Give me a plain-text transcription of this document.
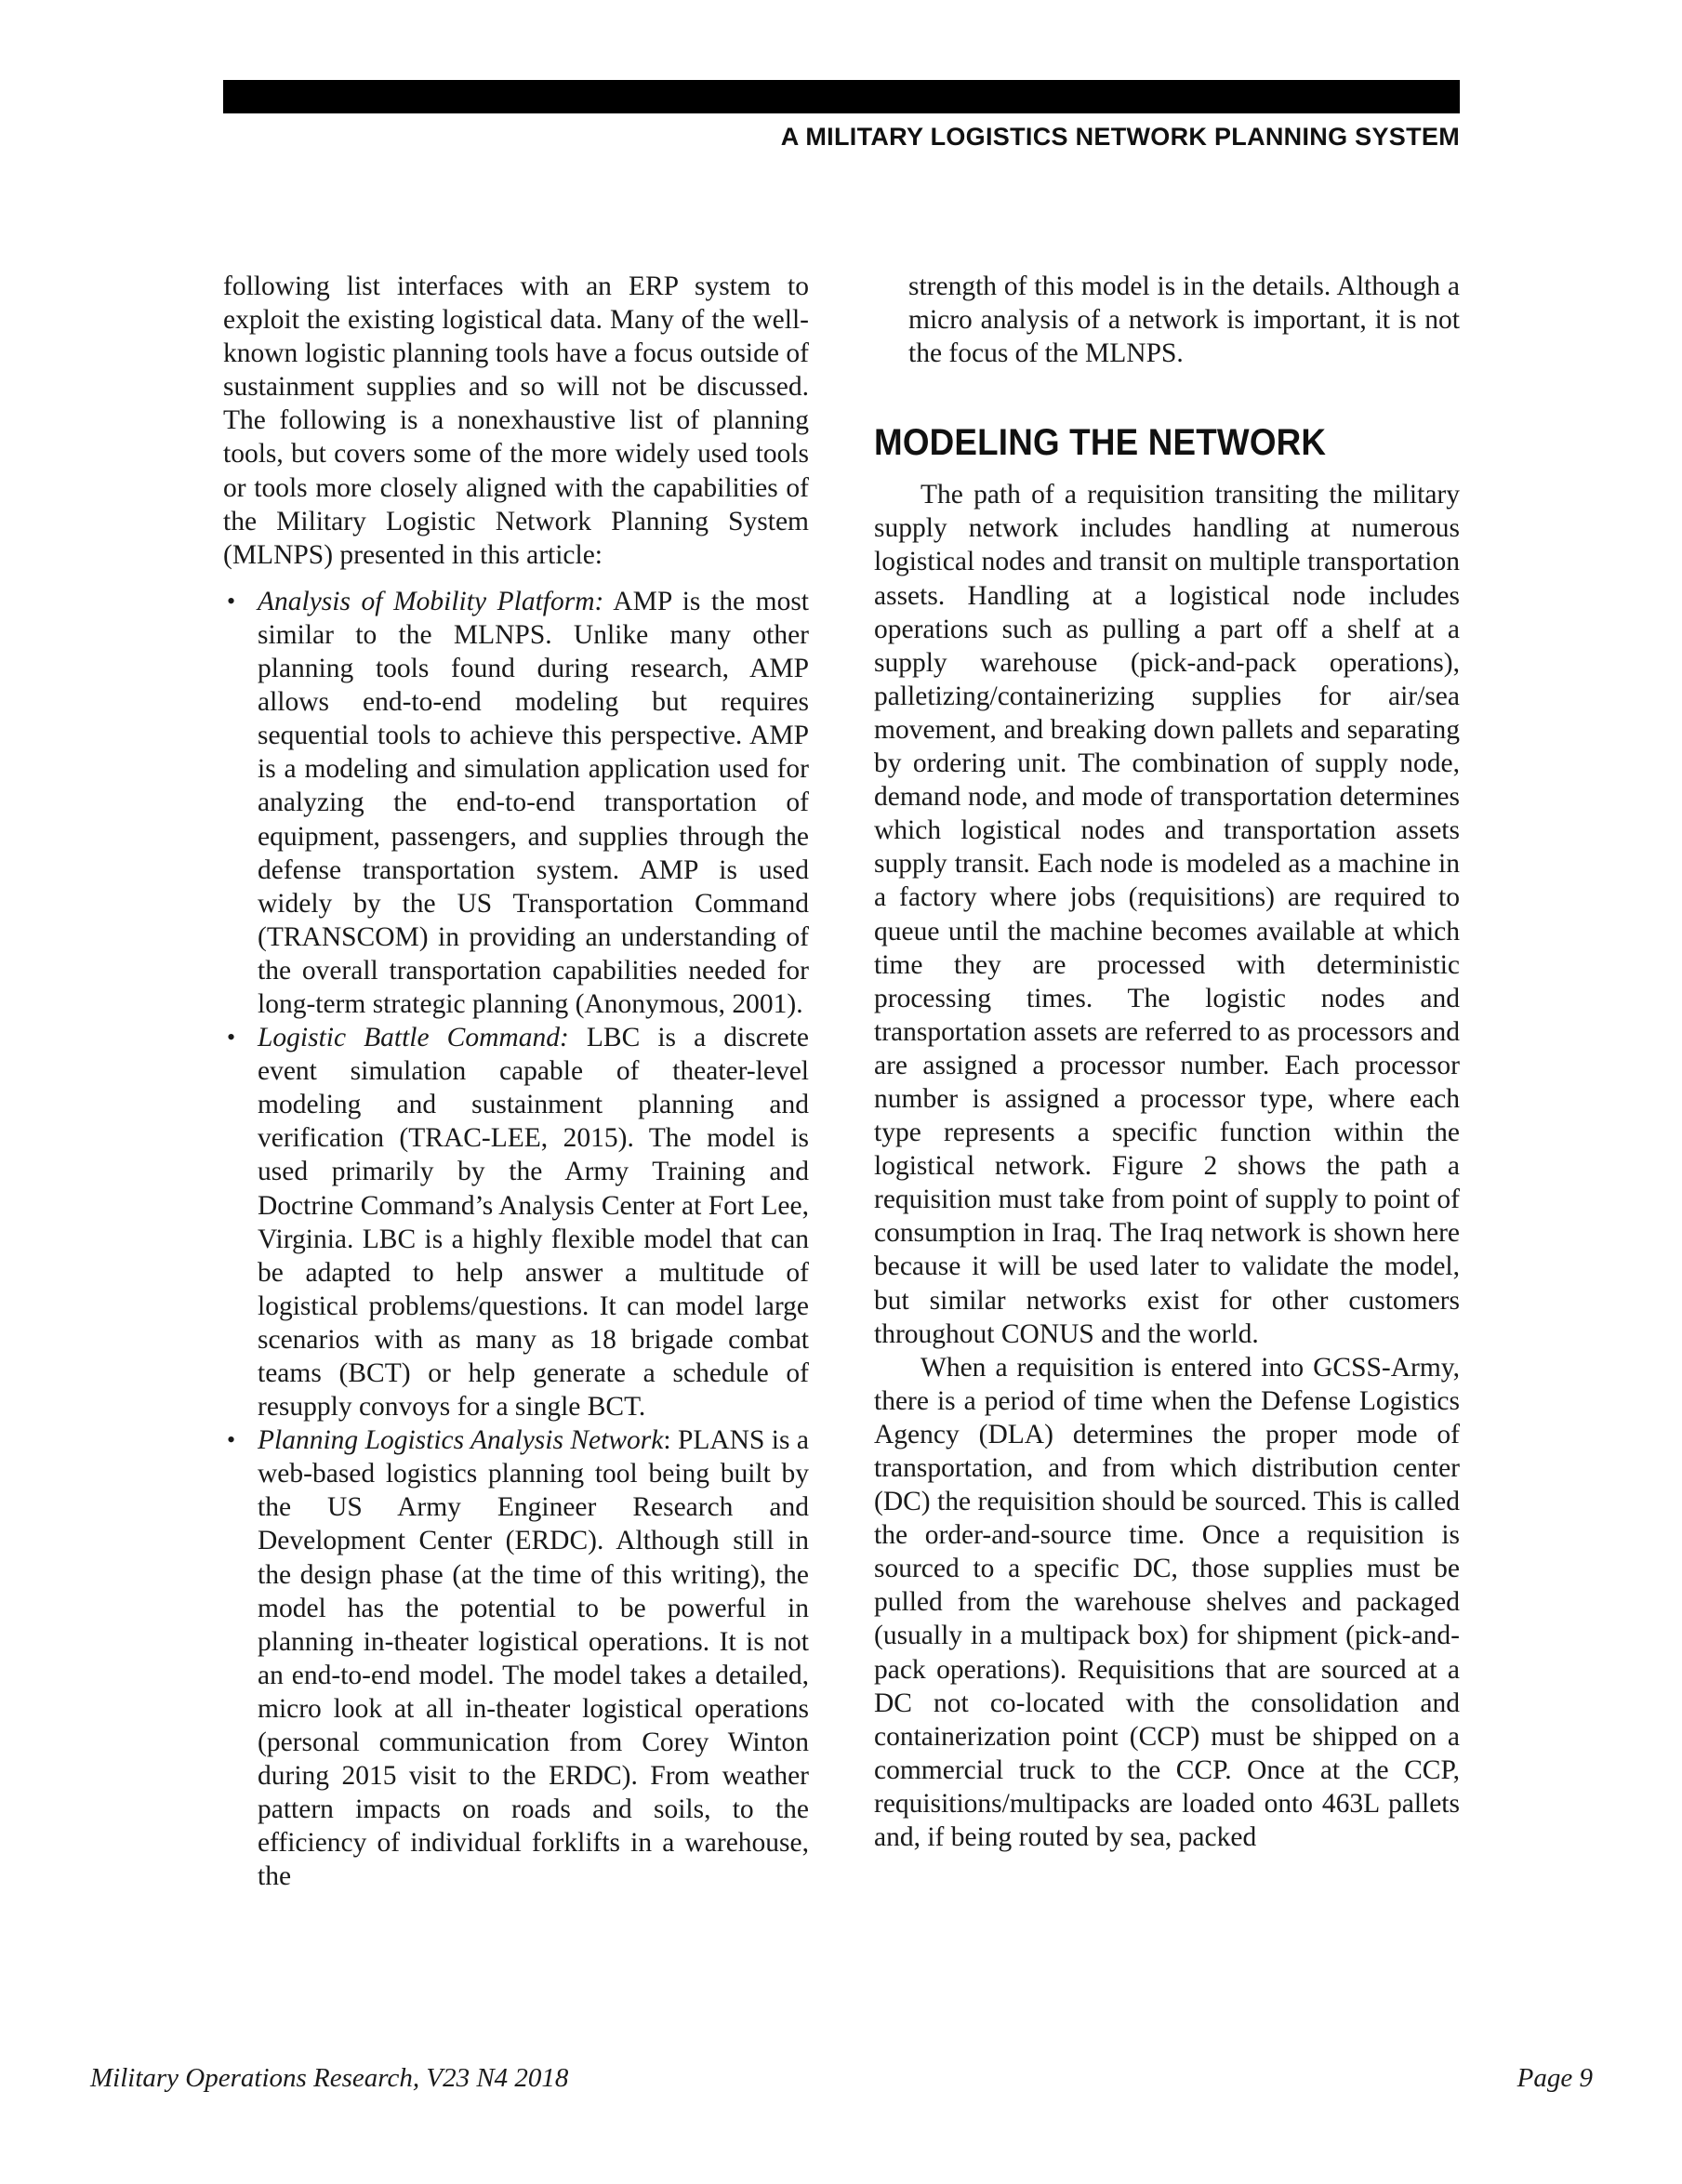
A MILITARY LOGISTICS NETWORK PLANNING SYSTEM

following list interfaces with an ERP system to exploit the existing logistical data. Many of the well-known logistic planning tools have a focus outside of sustainment supplies and so will not be discussed. The following is a nonexhaustive list of planning tools, but covers some of the more widely used tools or tools more closely aligned with the capabilities of the Military Logistic Network Planning System (MLNPS) presented in this article:

• Analysis of Mobility Platform: AMP is the most similar to the MLNPS. Unlike many other planning tools found during research, AMP allows end-to-end modeling but requires sequential tools to achieve this perspective. AMP is a modeling and simulation application used for analyzing the end-to-end transportation of equipment, passengers, and supplies through the defense transportation system. AMP is used widely by the US Transportation Command (TRANSCOM) in providing an understanding of the overall transportation capabilities needed for long-term strategic planning (Anonymous, 2001).
• Logistic Battle Command: LBC is a discrete event simulation capable of theater-level modeling and sustainment planning and verification (TRAC-LEE, 2015). The model is used primarily by the Army Training and Doctrine Command’s Analysis Center at Fort Lee, Virginia. LBC is a highly flexible model that can be adapted to help answer a multitude of logistical problems/questions. It can model large scenarios with as many as 18 brigade combat teams (BCT) or help generate a schedule of resupply convoys for a single BCT.
• Planning Logistics Analysis Network: PLANS is a web-based logistics planning tool being built by the US Army Engineer Research and Development Center (ERDC). Although still in the design phase (at the time of this writing), the model has the potential to be powerful in planning in-theater logistical operations. It is not an end-to-end model. The model takes a detailed, micro look at all in-theater logistical operations (personal communication from Corey Winton during 2015 visit to the ERDC). From weather pattern impacts on roads and soils, to the efficiency of individual forklifts in a warehouse, the

strength of this model is in the details. Although a micro analysis of a network is important, it is not the focus of the MLNPS.

MODELING THE NETWORK

The path of a requisition transiting the military supply network includes handling at numerous logistical nodes and transit on multiple transportation assets. Handling at a logistical node includes operations such as pulling a part off a shelf at a supply warehouse (pick-and-pack operations), palletizing/containerizing supplies for air/sea movement, and breaking down pallets and separating by ordering unit. The combination of supply node, demand node, and mode of transportation determines which logistical nodes and transportation assets supply transit. Each node is modeled as a machine in a factory where jobs (requisitions) are required to queue until the machine becomes available at which time they are processed with deterministic processing times. The logistic nodes and transportation assets are referred to as processors and are assigned a processor number. Each processor number is assigned a processor type, where each type represents a specific function within the logistical network. Figure 2 shows the path a requisition must take from point of supply to point of consumption in Iraq. The Iraq network is shown here because it will be used later to validate the model, but similar networks exist for other customers throughout CONUS and the world.

When a requisition is entered into GCSS-Army, there is a period of time when the Defense Logistics Agency (DLA) determines the proper mode of transportation, and from which distribution center (DC) the requisition should be sourced. This is called the order-and-source time. Once a requisition is sourced to a specific DC, those supplies must be pulled from the warehouse shelves and packaged (usually in a multipack box) for shipment (pick-and-pack operations). Requisitions that are sourced at a DC not co-located with the consolidation and containerization point (CCP) must be shipped on a commercial truck to the CCP. Once at the CCP, requisitions/multipacks are loaded onto 463L pallets and, if being routed by sea, packed

Military Operations Research, V23 N4 2018	Page 9
